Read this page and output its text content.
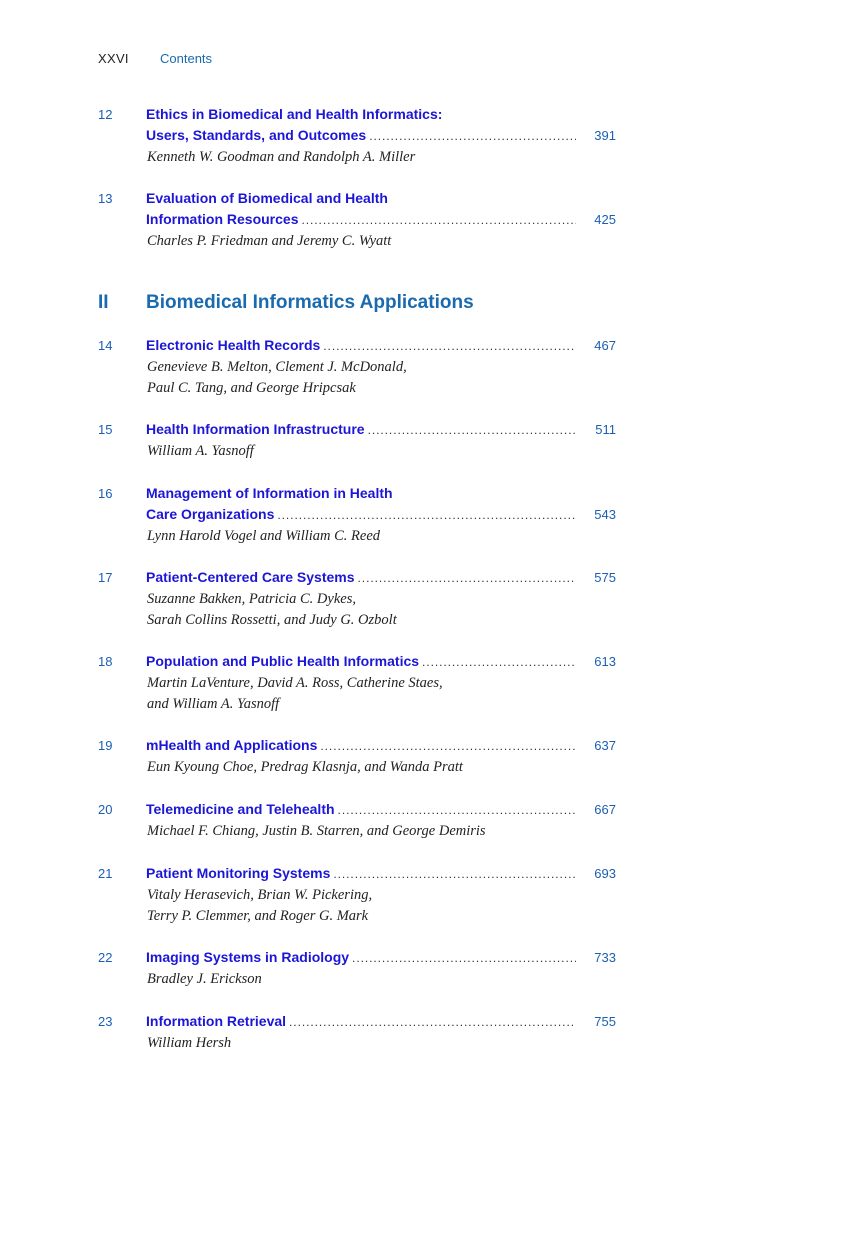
XXVI Contents
II Biomedical Informatics Applications
12 Ethics in Biomedical and Health Informatics:
Users, Standards, and Outcomes . . .	391
Kenneth W. Goodman and Randolph A. Miller
13 Evaluation of Biomedical and Health
Information Resources . . .	425
Charles P. Friedman and Jeremy C. Wyatt
14 Electronic Health Records . . .	467
Genevieve B. Melton, Clement J. McDonald,
Paul C. Tang, and George Hripcsak
15 Health Information Infrastructure . . .	511
William A. Yasnoff
16 Management of Information in Health
Care Organizations . . .	543
Lynn Harold Vogel and William C. Reed
17 Patient-Centered Care Systems . . .	575
Suzanne Bakken, Patricia C. Dykes,
Sarah Collins Rossetti, and Judy G. Ozbolt
18 Population and Public Health Informatics . . .	613
Martin LaVenture, David A. Ross, Catherine Staes,
and William A. Yasnoff
19 mHealth and Applications . . .	637
Eun Kyoung Choe, Predrag Klasnja, and Wanda Pratt
20 Telemedicine and Telehealth . . .	667
Michael F. Chiang, Justin B. Starren, and George Demiris
21 Patient Monitoring Systems . . .	693
Vitaly Herasevich, Brian W. Pickering,
Terry P. Clemmer, and Roger G. Mark
22 Imaging Systems in Radiology . . .	733
Bradley J. Erickson
23 Information Retrieval . . .	755
William Hersh
